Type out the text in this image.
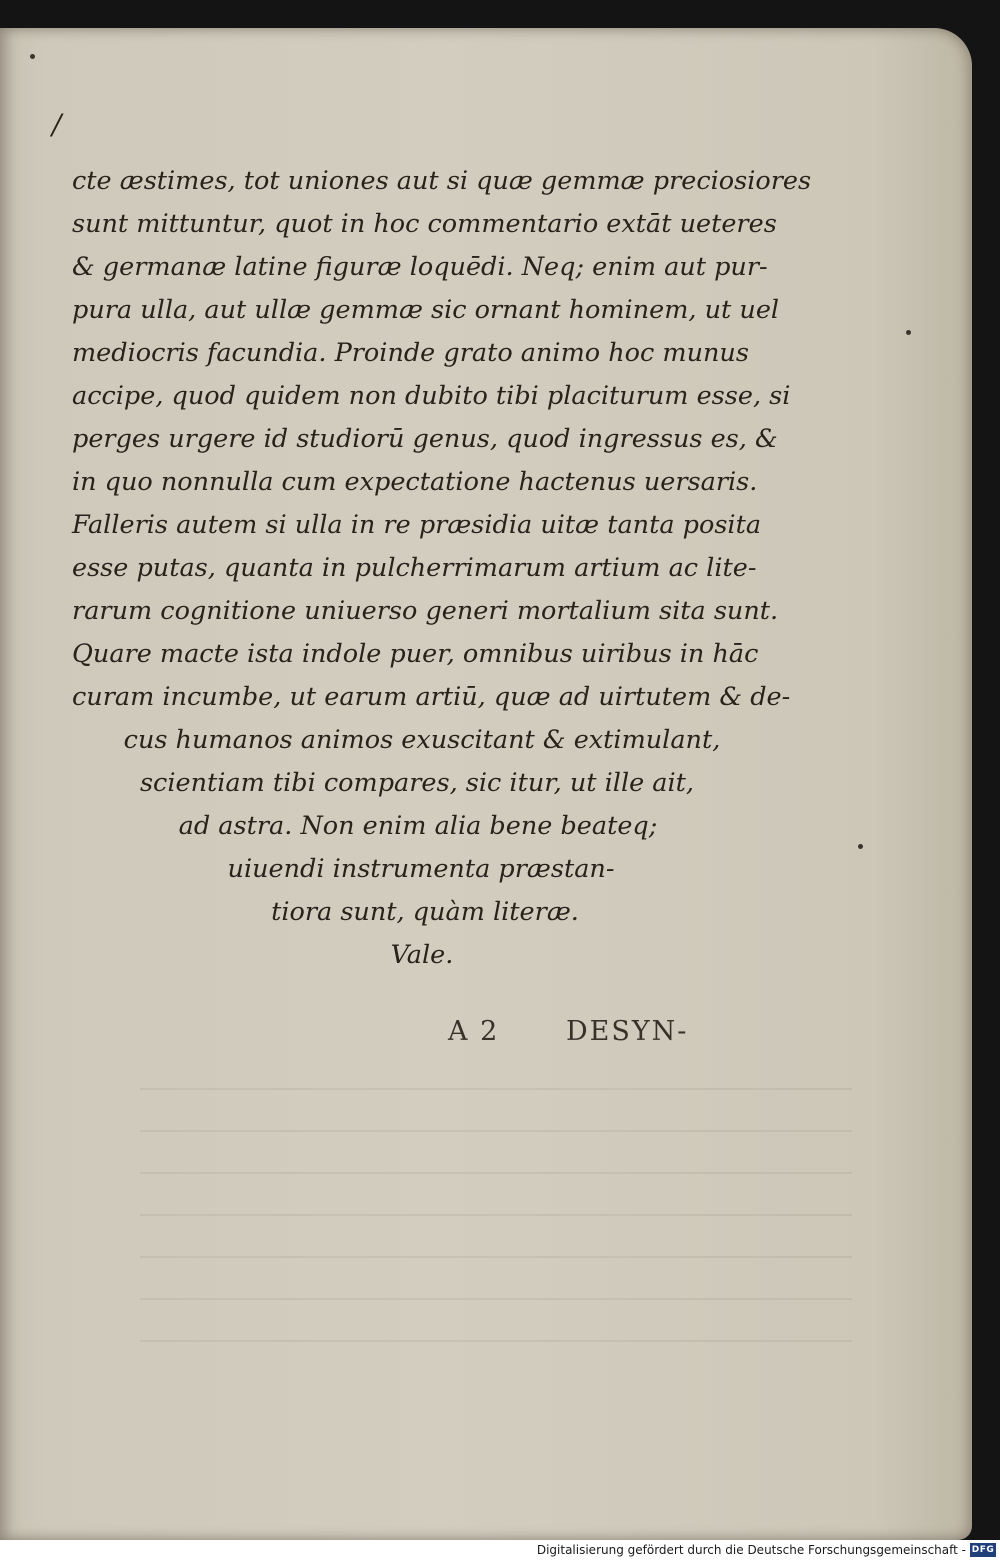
/
cte æstimes, tot uniones aut si quæ gemmæ preciosiores
sunt mittuntur, quot in hoc commentario extāt ueteres
& germanæ latine figuræ loquēdi. Neq; enim aut pur-
pura ulla, aut ullæ gemmæ sic ornant hominem, ut uel
mediocris facundia. Proinde grato animo hoc munus
accipe, quod quidem non dubito tibi placiturum esse, si
perges urgere id studiorū genus, quod ingressus es, &
in quo nonnulla cum expectatione hactenus uersaris.
Falleris autem si ulla in re præsidia uitæ tanta posita
esse putas, quanta in pulcherrimarum artium ac lite-
rarum cognitione uniuerso generi mortalium sita sunt.
Quare macte ista indole puer, omnibus uiribus in hāc
curam incumbe, ut earum artiū, quæ ad uirtutem & de-
cus humanos animos exuscitant & extimulant,
scientiam tibi compares, sic itur, ut ille ait,
ad astra. Non enim alia bene beateq;
uiuendi instrumenta præstan-
tiora sunt, quàm literæ.
Vale.
A 2 DESYN-
Digitalisierung gefördert durch die Deutsche Forschungsgemeinschaft - DFG
